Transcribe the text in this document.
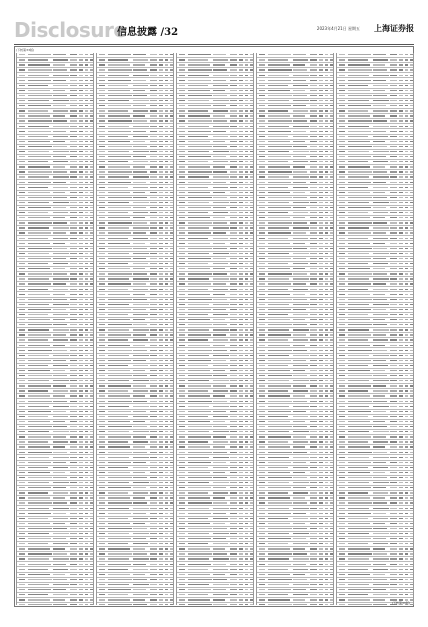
Disclosure
信息披露 /32	2023年4月21日 星期五 上海证券报
(下转第33版)
(下转第33版)
